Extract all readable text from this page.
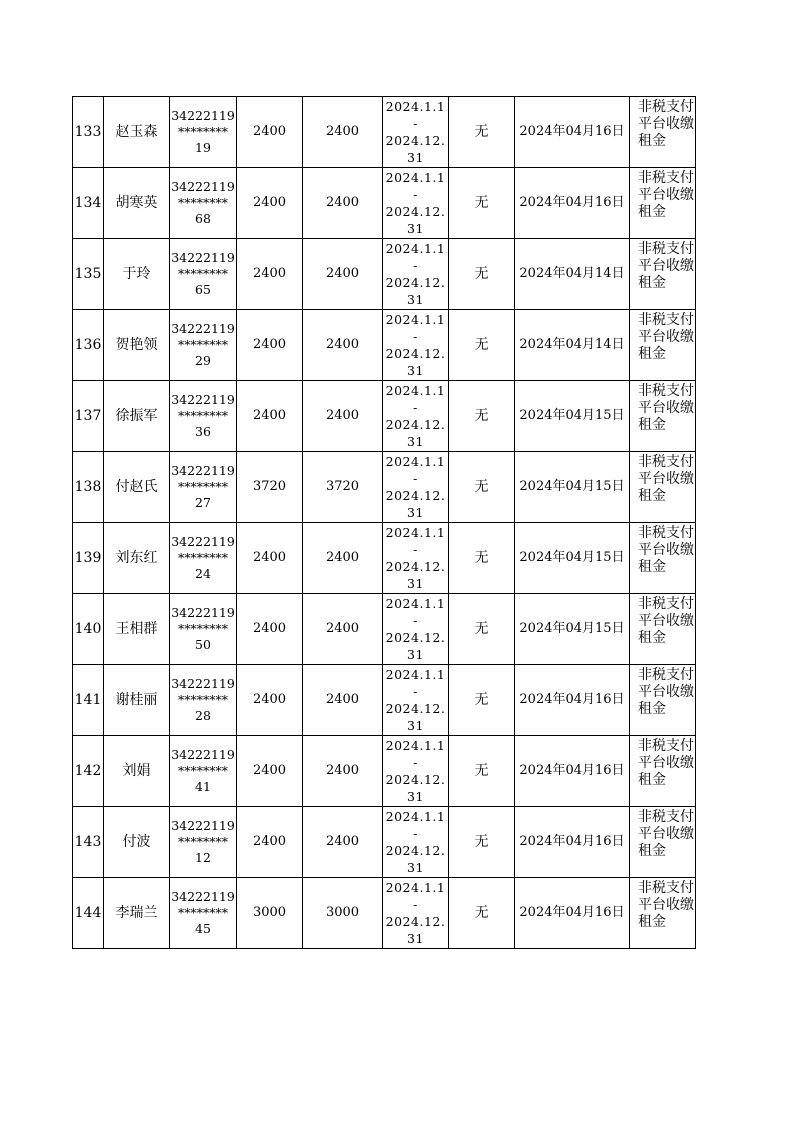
133	赵玉森	34222119
********
19	2400	2400	2024.1.1
-
2024.12.
31	无	2024年04月16日	非税支付平台收缴租金

134	胡寒英	34222119
********
68	2400	2400	2024.1.1
-
2024.12.
31	无	2024年04月16日	非税支付平台收缴租金

135	于玲	34222119
********
65	2400	2400	2024.1.1
-
2024.12.
31	无	2024年04月14日	非税支付平台收缴租金

136	贺艳领	34222119
********
29	2400	2400	2024.1.1
-
2024.12.
31	无	2024年04月14日	非税支付平台收缴租金

137	徐振军	34222119
********
36	2400	2400	2024.1.1
-
2024.12.
31	无	2024年04月15日	非税支付平台收缴租金

138	付赵氏	34222119
********
27	3720	3720	2024.1.1
-
2024.12.
31	无	2024年04月15日	非税支付平台收缴租金

139	刘东红	34222119
********
24	2400	2400	2024.1.1
-
2024.12.
31	无	2024年04月15日	非税支付平台收缴租金

140	王相群	34222119
********
50	2400	2400	2024.1.1
-
2024.12.
31	无	2024年04月15日	非税支付平台收缴租金

141	谢桂丽	34222119
********
28	2400	2400	2024.1.1
-
2024.12.
31	无	2024年04月16日	非税支付平台收缴租金

142	刘娟	34222119
********
41	2400	2400	2024.1.1
-
2024.12.
31	无	2024年04月16日	非税支付平台收缴租金

143	付波	34222119
********
12	2400	2400	2024.1.1
-
2024.12.
31	无	2024年04月16日	非税支付平台收缴租金

144	李瑞兰	34222119
********
45	3000	3000	2024.1.1
-
2024.12.
31	无	2024年04月16日	非税支付平台收缴租金
